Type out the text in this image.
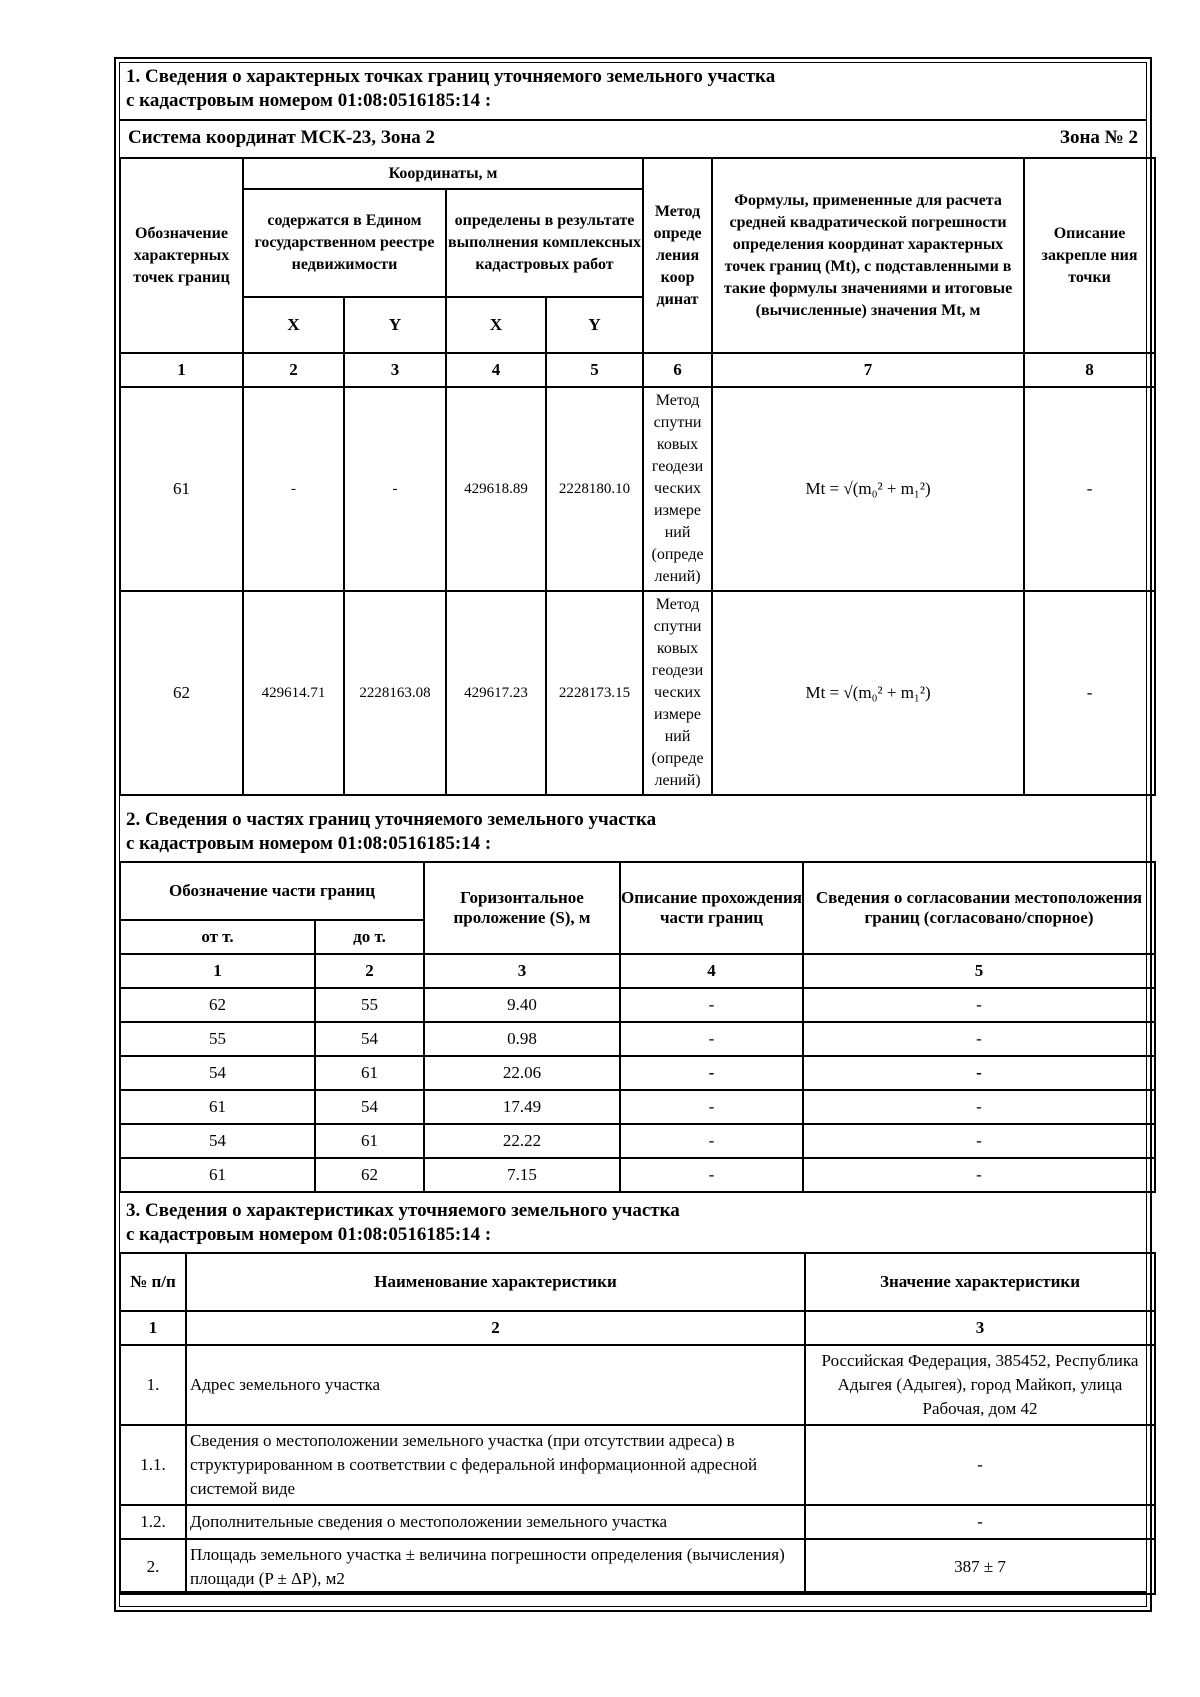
1. Сведения о характерных точках границ уточняемого земельного участка
с кадастровым номером 01:08:0516185:14 :
Система координат МСК-23, Зона 2	Зона № 2
Обозначение характерных точек границ	Координаты, м				Метод опреде ления коор динат	Формулы, примененные для расчета средней квадратической погрешности определения координат характерных точек границ (Mt), с подставленными в такие формулы значениями и итоговые (вычисленные) значения Mt, м	Описание закрепле ния точки
	содержатся в Едином государственном реестре недвижимости		определены в результате выполнения комплексных кадастровых работ				
	X	Y	X	Y			
1	2	3	4	5	6	7	8
61	-	-	429618.89	2228180.10	Метод спутни ковых геодези ческих измере ний (опреде лений)	Mt = √(m₀² + m₁²)	-
62	429614.71	2228163.08	429617.23	2228173.15	Метод спутни ковых геодези ческих измере ний (опреде лений)	Mt = √(m₀² + m₁²)	-
2. Сведения о частях границ уточняемого земельного участка
с кадастровым номером 01:08:0516185:14 :
Обозначение части границ		Горизонтальное проложение (S), м	Описание прохождения части границ	Сведения о согласовании местоположения границ (согласовано/спорное)
от т.	до т.			
1	2	3	4	5
62	55	9.40	-	-
55	54	0.98	-	-
54	61	22.06	-	-
61	54	17.49	-	-
54	61	22.22	-	-
61	62	7.15	-	-
3. Сведения о характеристиках уточняемого земельного участка
с кадастровым номером 01:08:0516185:14 :
№ п/п	Наименование характеристики	Значение характеристики
1	2	3
1.	Адрес земельного участка	Российская Федерация, 385452, Республика Адыгея (Адыгея), город Майкоп, улица Рабочая, дом 42
1.1.	Сведения о местоположении земельного участка (при отсутствии адреса) в структурированном в соответствии с федеральной информационной адресной системой виде	-
1.2.	Дополнительные сведения о местоположении земельного участка	-
2.	Площадь земельного участка ± величина погрешности определения (вычисления) площади (P ± ΔP), м2	387 ± 7
